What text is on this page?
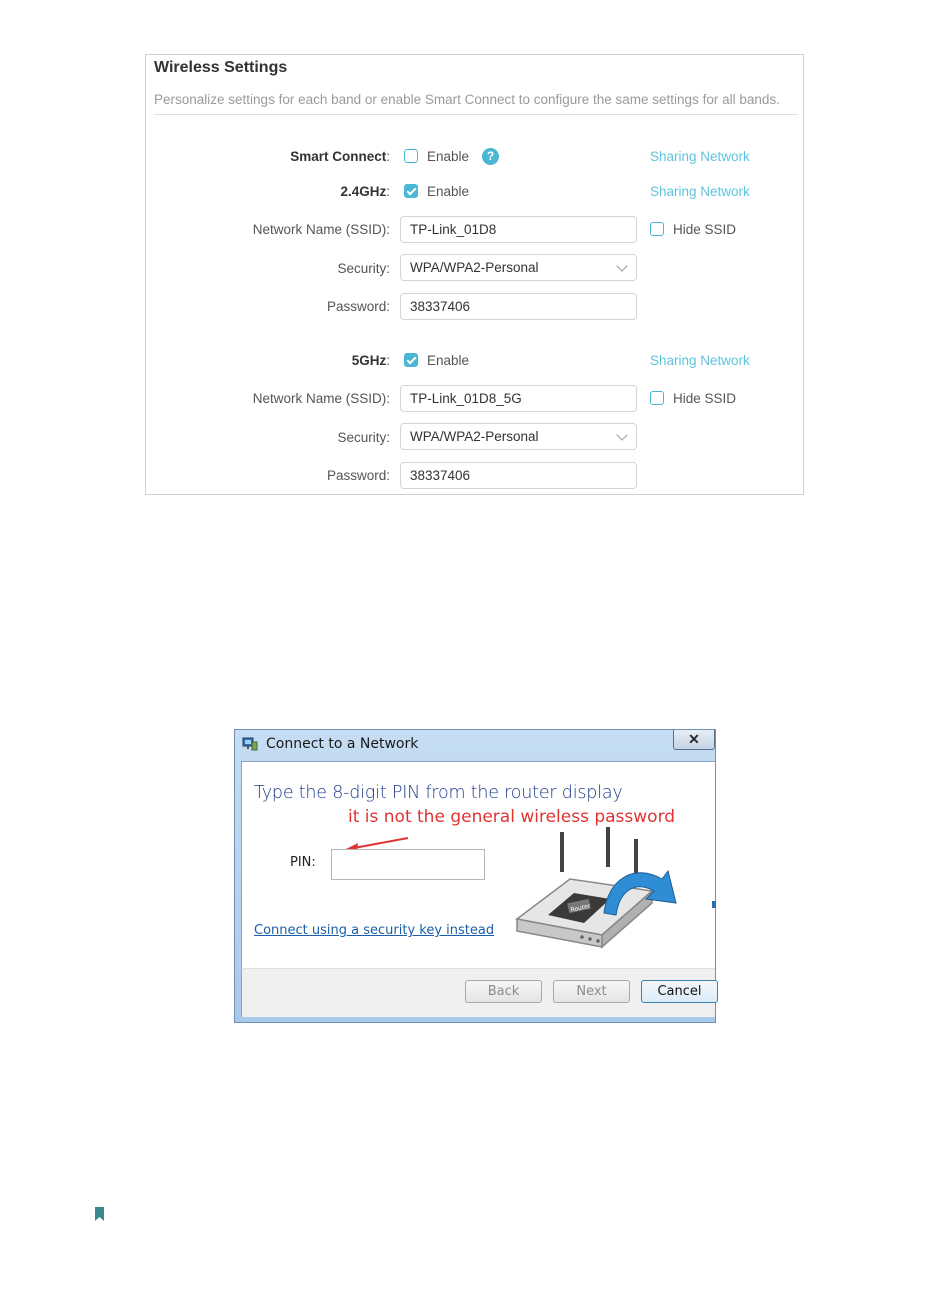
Wireless Settings
Personalize settings for each band or enable Smart Connect to configure the same settings for all bands.
Smart Connect:	Enable	?	Sharing Network
2.4GHz:	Enable	Sharing Network
Network Name (SSID):	TP-Link_01D8	Hide SSID
Security:	WPA/WPA2-Personal
Password:	38337406
5GHz:	Enable	Sharing Network
Network Name (SSID):	TP-Link_01D8_5G	Hide SSID
Security:	WPA/WPA2-Personal
Password:	38337406
Connect to a Network	✕
Type the 8-digit PIN from the router display
it is not the general wireless password
PIN:
Connect using a security key instead
Router
Back	Next	Cancel
